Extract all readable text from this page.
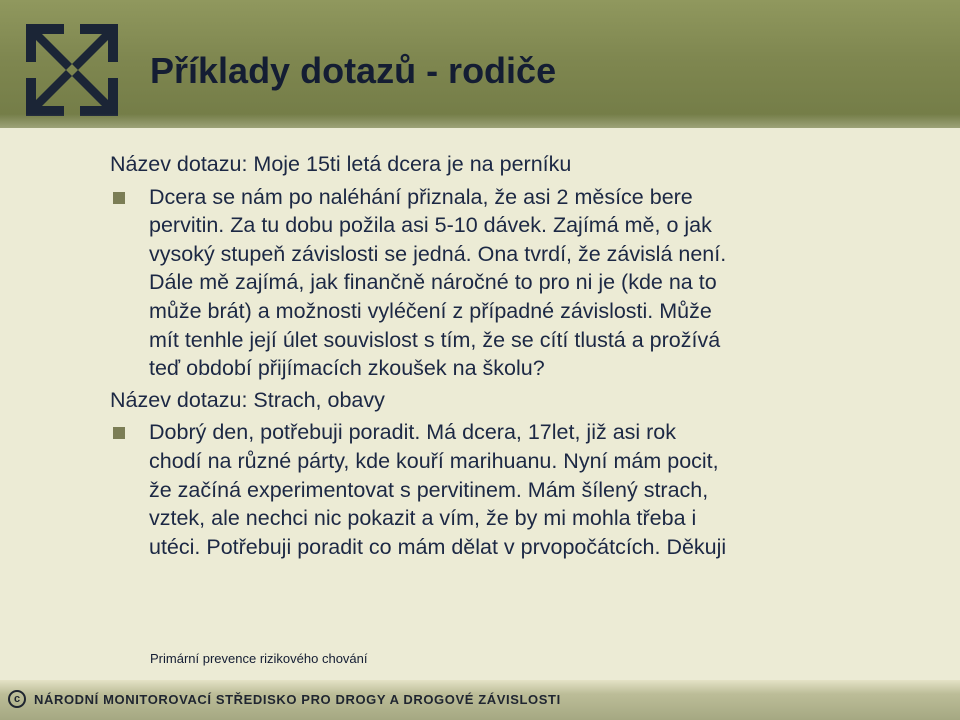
Příklady dotazů - rodiče
Název dotazu: Moje 15ti letá dcera je na perníku
Dcera se nám po naléhání přiznala, že asi 2 měsíce bere
pervitin. Za tu dobu požila asi 5-10 dávek. Zajímá mě, o jak
vysoký stupeň závislosti se jedná. Ona tvrdí, že závislá není.
Dále mě zajímá, jak finančně náročné to pro ni je (kde na to
může brát) a možnosti vyléčení z případné závislosti. Může
mít tenhle její úlet souvislost s tím, že se cítí tlustá a prožívá
teď období přijímacích zkoušek na školu?
Název dotazu: Strach, obavy
Dobrý den, potřebuji poradit. Má dcera, 17let, již asi rok
chodí na různé párty, kde kouří marihuanu. Nyní mám pocit,
že začíná experimentovat s pervitinem. Mám šílený strach,
vztek, ale nechci nic pokazit a vím, že by mi mohla třeba i
utéci. Potřebuji poradit co mám dělat v prvopočátcích. Děkuji
Primární prevence rizikového chování
c	NÁRODNÍ MONITOROVACÍ STŘEDISKO PRO DROGY A DROGOVÉ ZÁVISLOSTI
